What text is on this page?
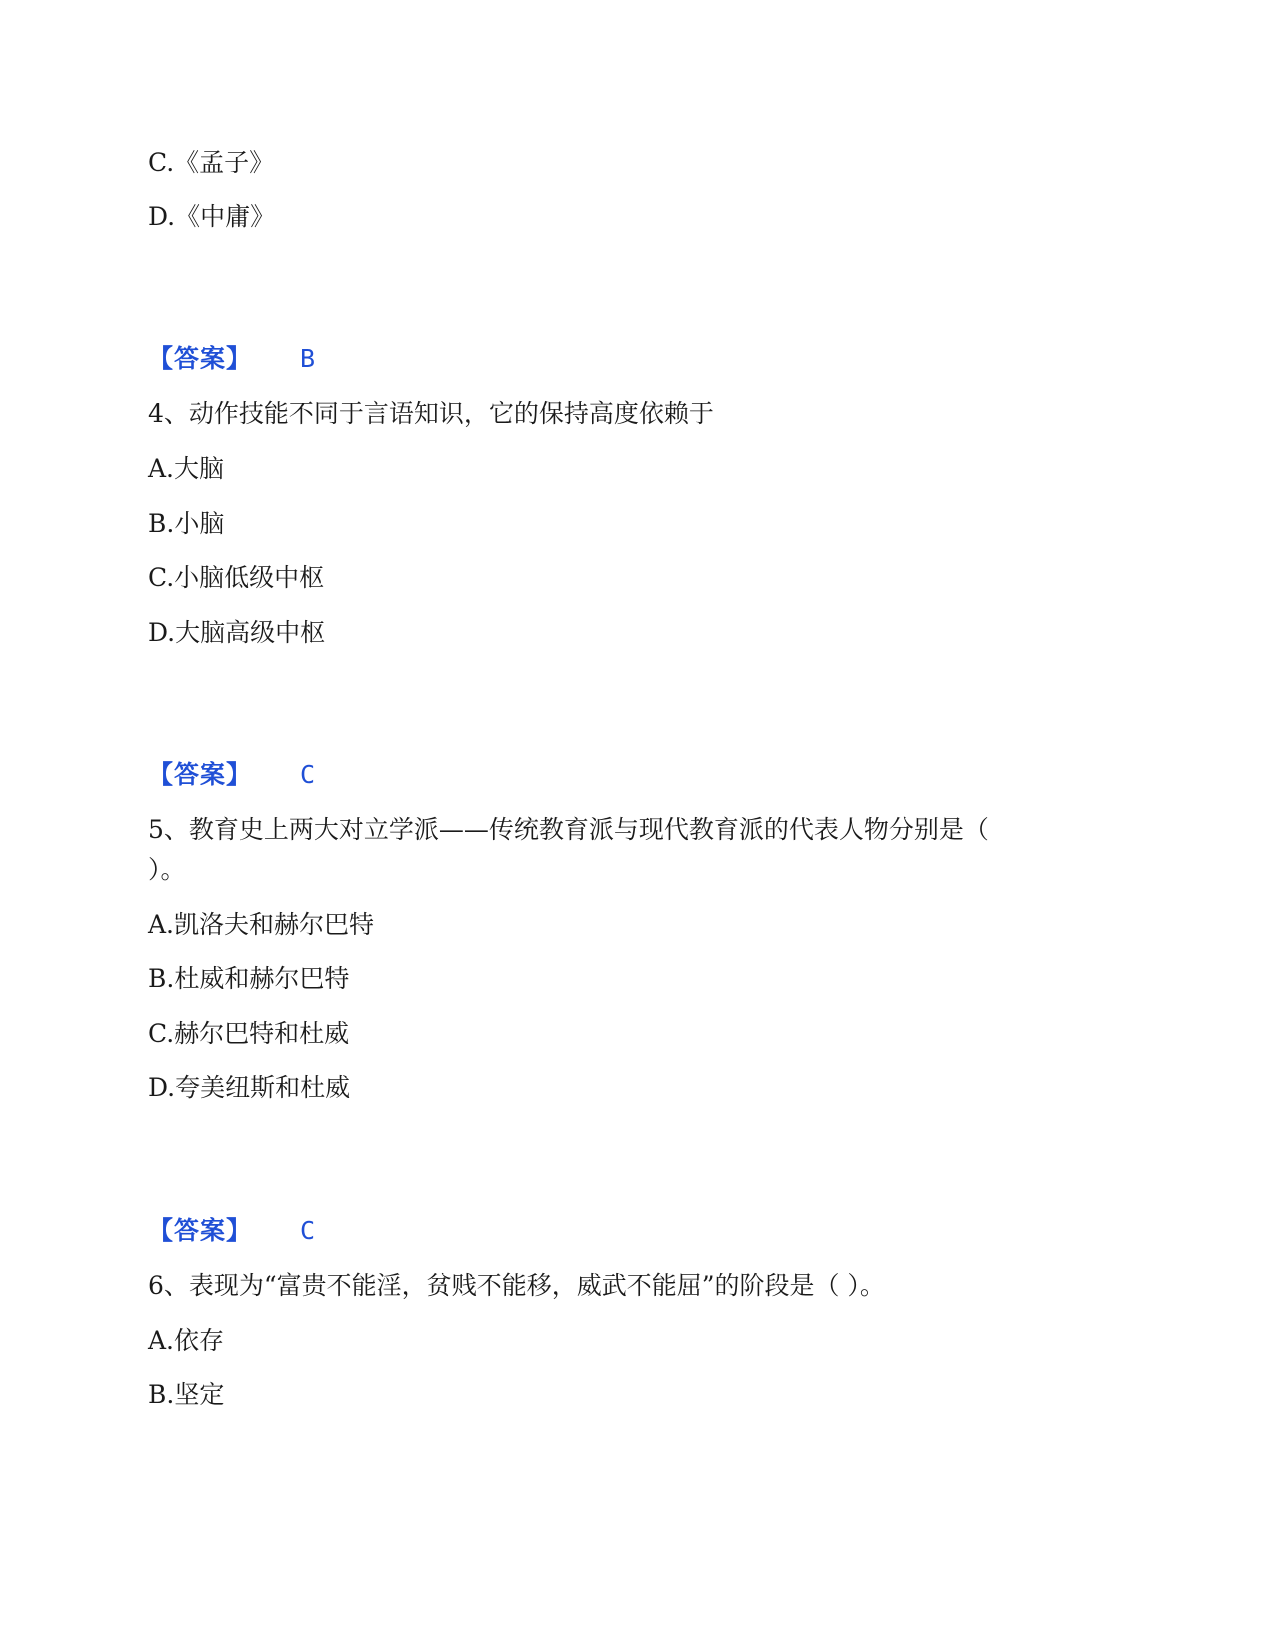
C.《孟子》
D.《中庸》
【答案】 B
4、动作技能不同于言语知识，它的保持高度依赖于
A.大脑
B.小脑
C.小脑低级中枢
D.大脑高级中枢
【答案】 C
5、教育史上两大对立学派——传统教育派与现代教育派的代表人物分别是（
）。
A.凯洛夫和赫尔巴特
B.杜威和赫尔巴特
C.赫尔巴特和杜威
D.夸美纽斯和杜威
【答案】 C
6、表现为“富贵不能淫，贫贱不能移，威武不能屈”的阶段是（ ）。
A.依存
B.坚定
